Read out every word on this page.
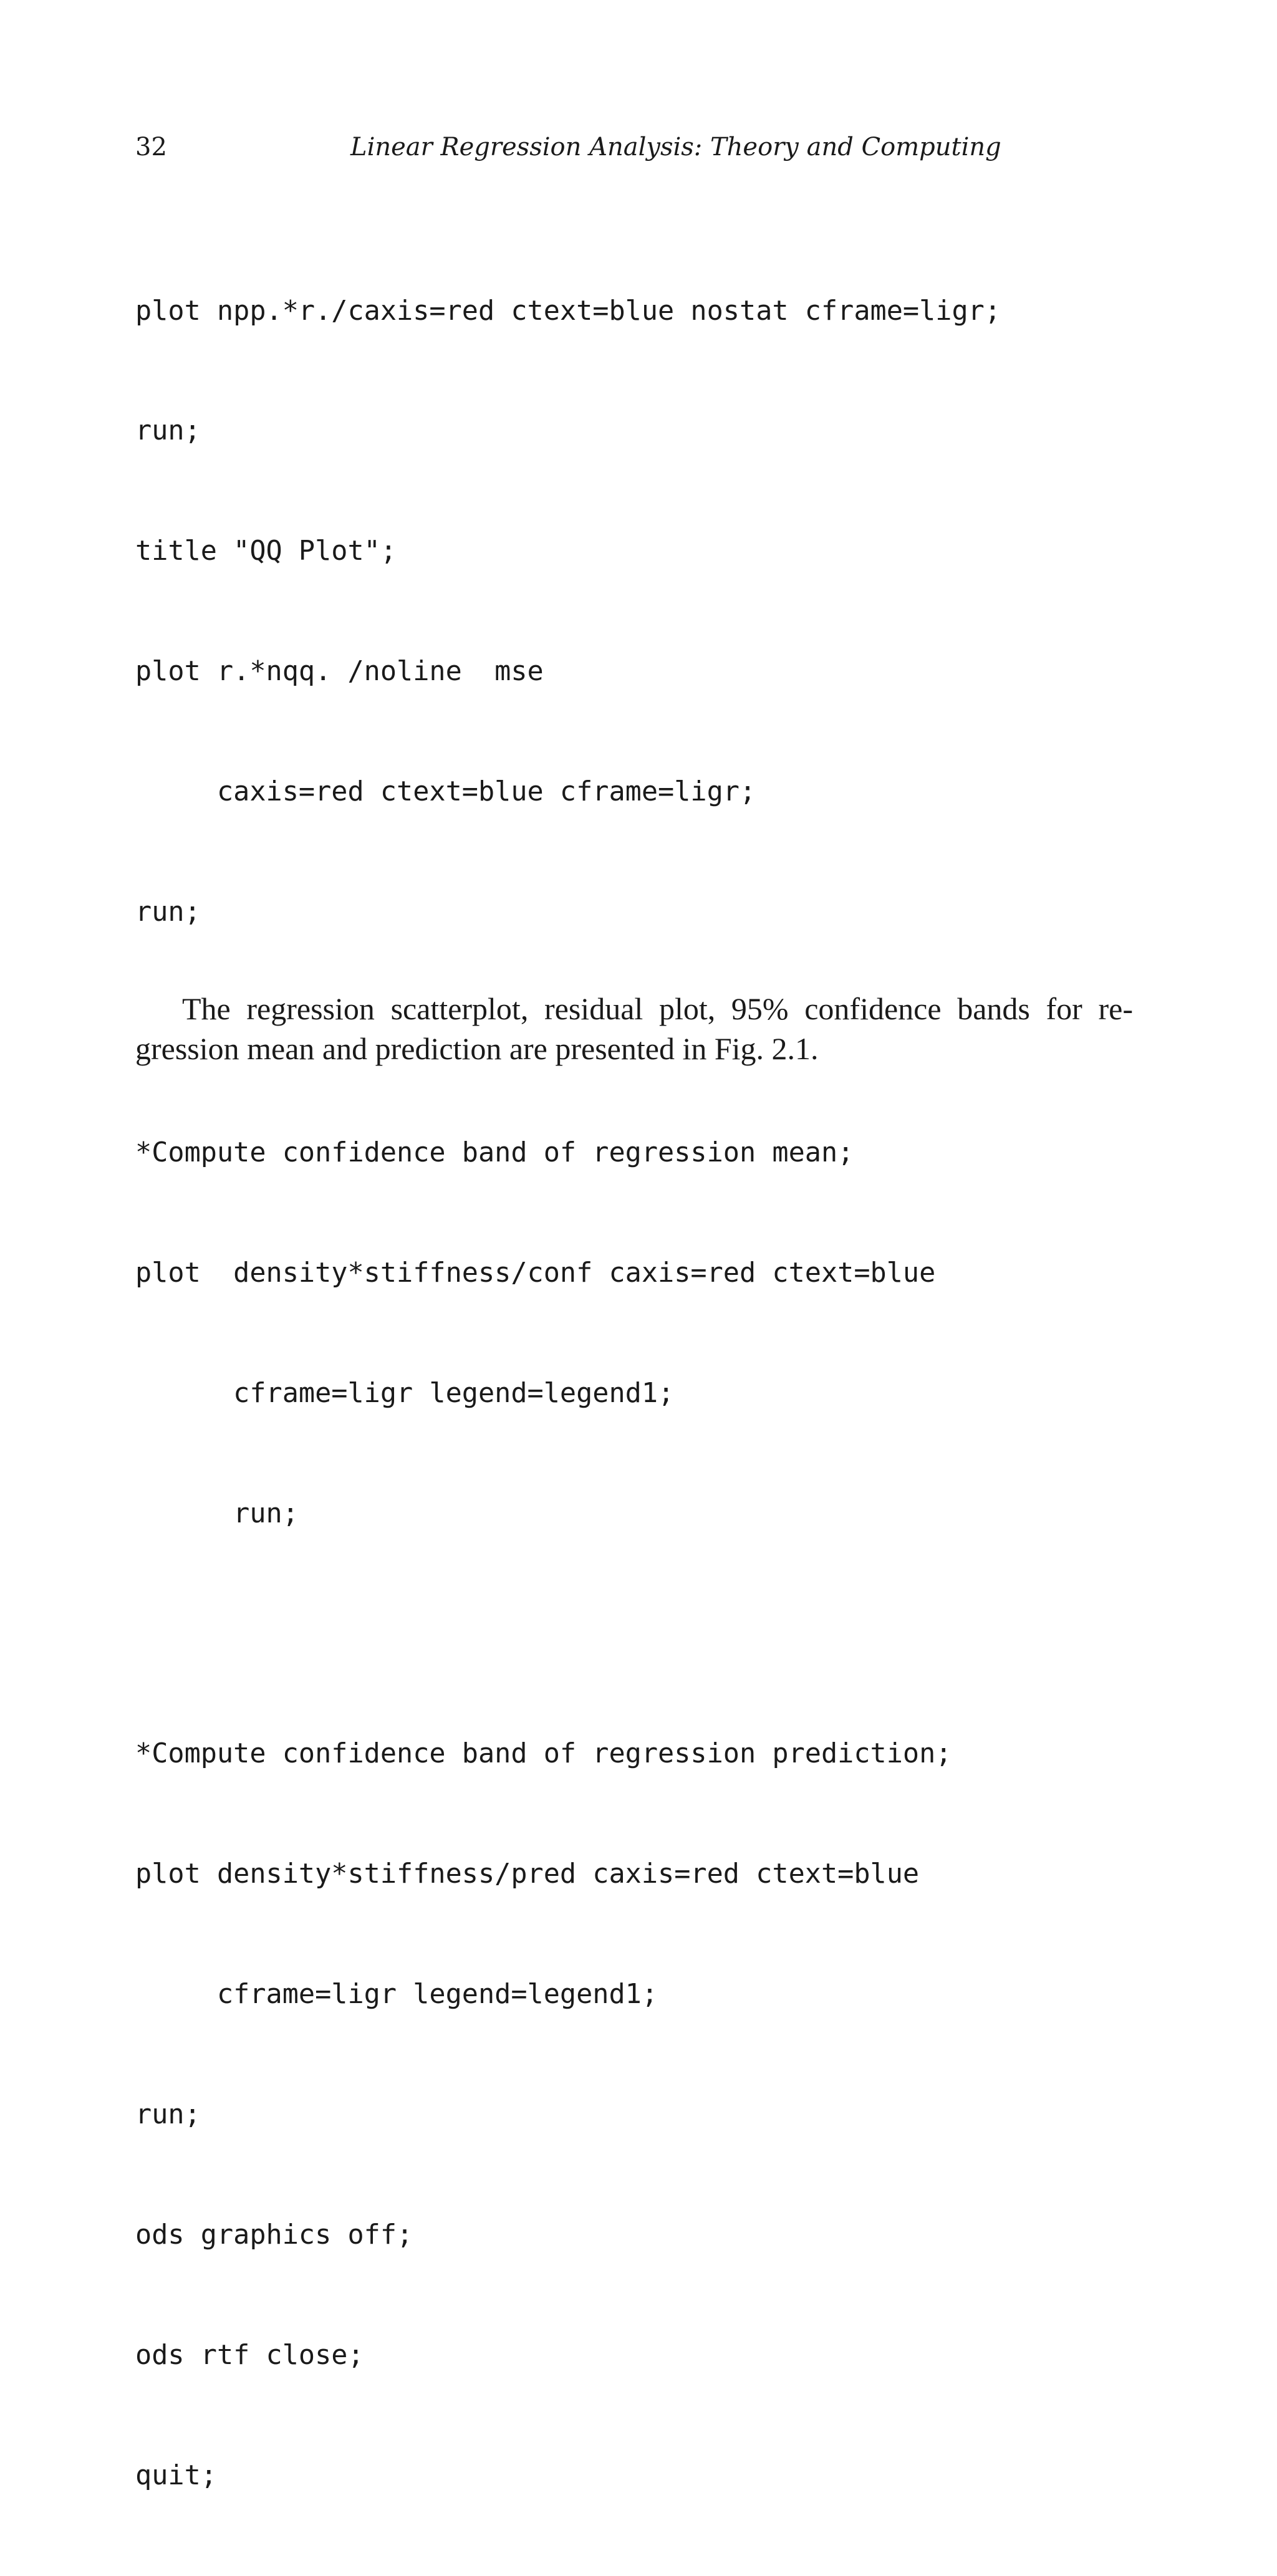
32	Linear Regression Analysis: Theory and Computing

plot npp.*r./caxis=red ctext=blue nostat cframe=ligr;

run;

title "QQ Plot";

plot r.*nqq. /noline  mse

caxis=red ctext=blue cframe=ligr;

run;

*Compute confidence band of regression mean;

plot  density*stiffness/conf caxis=red ctext=blue

cframe=ligr legend=legend1;

run;

*Compute confidence band of regression prediction;

plot density*stiffness/pred caxis=red ctext=blue

cframe=ligr legend=legend1;

run;

ods graphics off;

ods rtf close;

quit;

The regression scatterplot, residual plot, 95% confidence bands for re-
gression mean and prediction are presented in Fig. 2.1.
